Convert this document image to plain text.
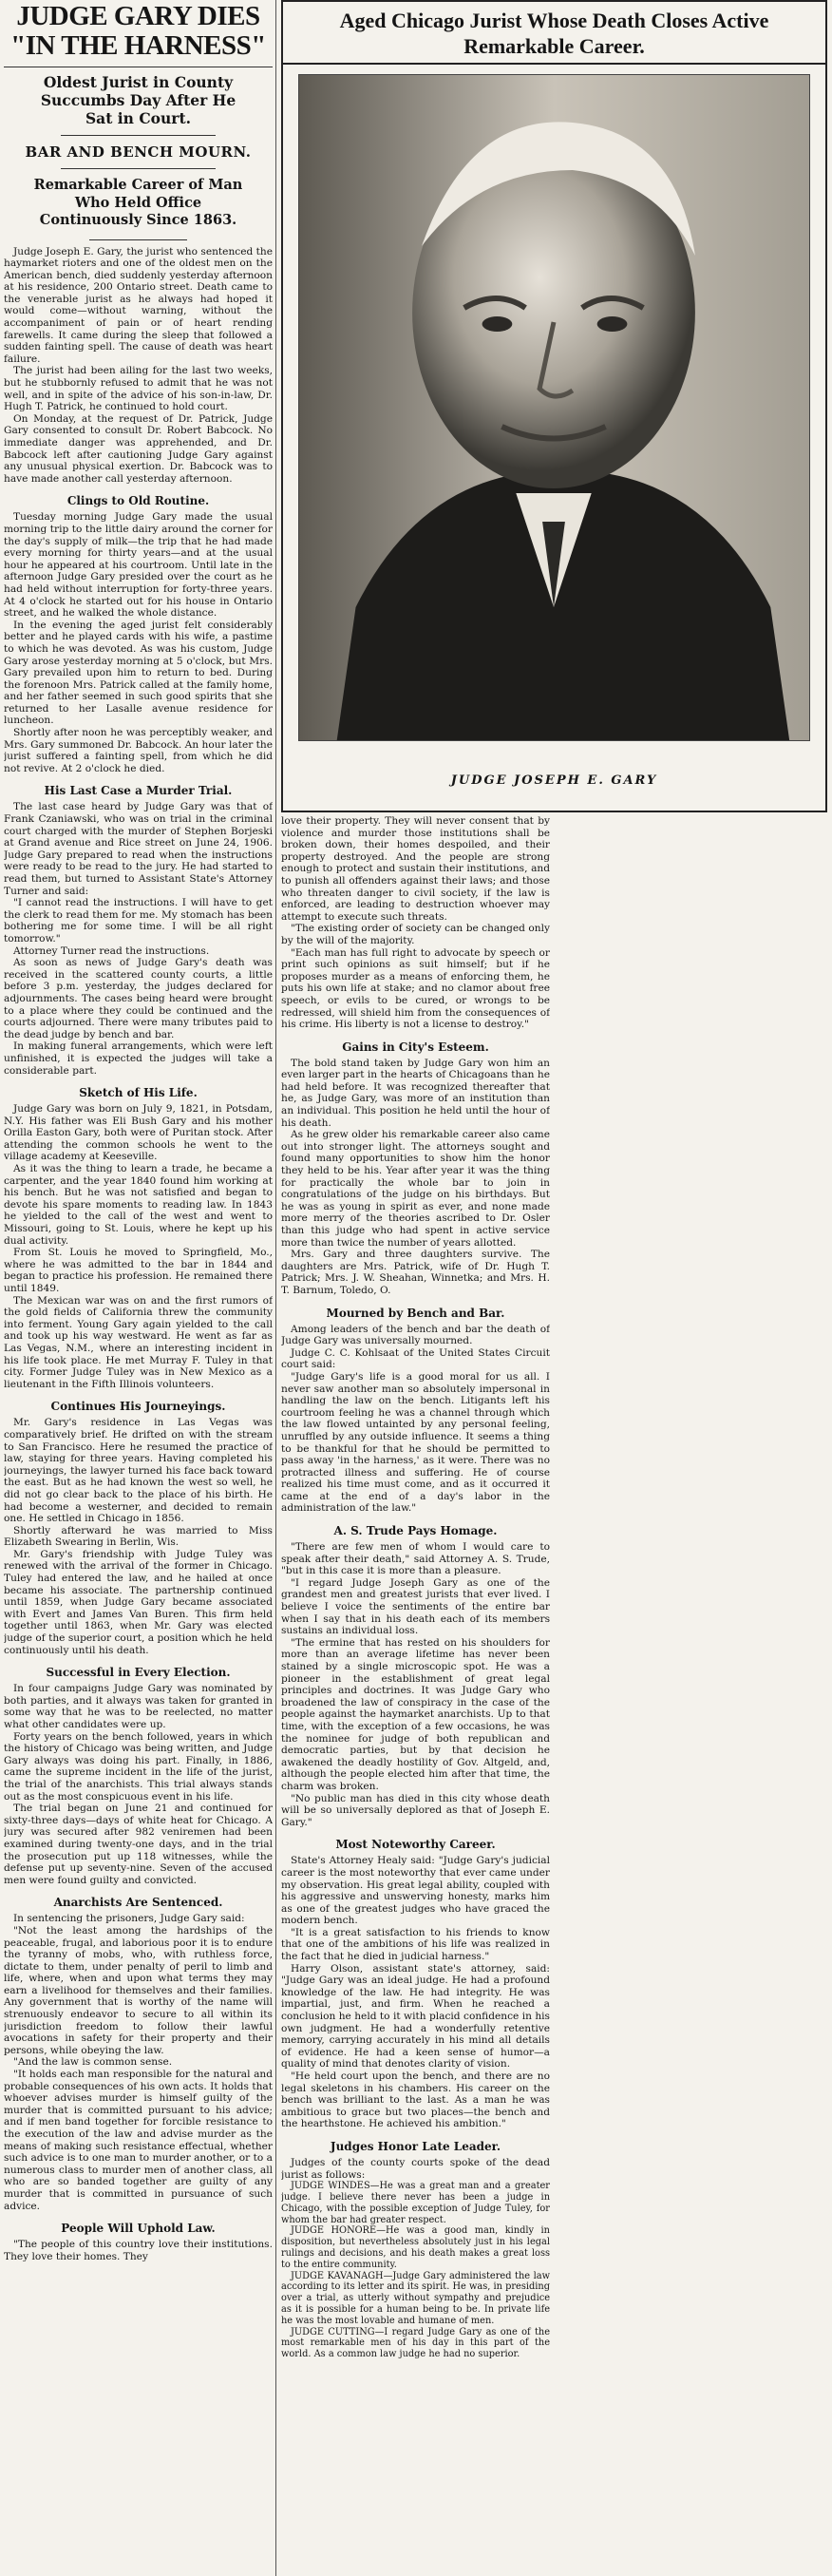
JUDGE GARY DIES "IN THE HARNESS"

Oldest Jurist in County Succumbs Day After He Sat in Court.

BAR AND BENCH MOURN.

Remarkable Career of Man Who Held Office Continuously Since 1863.

Judge Joseph E. Gary, the jurist who sentenced the haymarket rioters and one of the oldest men on the American bench, died suddenly yesterday afternoon at his residence, 200 Ontario street. Death came to the venerable jurist as he always had hoped it would come—without warning, without the accompaniment of pain or of heart rending farewells. It came during the sleep that followed a sudden fainting spell. The cause of death was heart failure.

The jurist had been ailing for the last two weeks, but he stubbornly refused to admit that he was not well, and in spite of the advice of his son-in-law, Dr. Hugh T. Patrick, he continued to hold court.

On Monday, at the request of Dr. Patrick, Judge Gary consented to consult Dr. Robert Babcock. No immediate danger was apprehended, and Dr. Babcock left after cautioning Judge Gary against any unusual physical exertion. Dr. Babcock was to have made another call yesterday afternoon.

Clings to Old Routine.

Tuesday morning Judge Gary made the usual morning trip to the little dairy around the corner for the day's supply of milk—the trip that he had made every morning for thirty years—and at the usual hour he appeared at his courtroom. Until late in the afternoon Judge Gary presided over the court as he had held without interruption for forty-three years. At 4 o'clock he started out for his house in Ontario street, and he walked the whole distance.

In the evening the aged jurist felt considerably better and he played cards with his wife, a pastime to which he was devoted. As was his custom, Judge Gary arose yesterday morning at 5 o'clock, but Mrs. Gary prevailed upon him to return to bed. During the forenoon Mrs. Patrick called at the family home, and her father seemed in such good spirits that she returned to her Lasalle avenue residence for luncheon.

Shortly after noon he was perceptibly weaker, and Mrs. Gary summoned Dr. Babcock. An hour later the jurist suffered a fainting spell, from which he did not revive. At 2 o'clock he died.

His Last Case a Murder Trial.

The last case heard by Judge Gary was that of Frank Czaniawski, who was on trial in the criminal court charged with the murder of Stephen Borjeski at Grand avenue and Rice street on June 24, 1906. Judge Gary prepared to read when the instructions were ready to be read to the jury. He had started to read them, but turned to Assistant State's Attorney Turner and said:

"I cannot read the instructions. I will have to get the clerk to read them for me. My stomach has been bothering me for some time. I will be all right tomorrow."

Attorney Turner read the instructions.

As soon as news of Judge Gary's death was received in the scattered county courts, a little before 3 p.m. yesterday, the judges declared for adjournments. The cases being heard were brought to a place where they could be continued and the courts adjourned. There were many tributes paid to the dead judge by bench and bar.

In making funeral arrangements, which were left unfinished, it is expected the judges will take a considerable part.

Sketch of His Life.

Judge Gary was born on July 9, 1821, in Potsdam, N.Y. His father was Eli Bush Gary and his mother Orilla Easton Gary, both were of Puritan stock. After attending the common schools he went to the village academy at Keeseville.

As it was the thing to learn a trade, he became a carpenter, and the year 1840 found him working at his bench. But he was not satisfied and began to devote his spare moments to reading law. In 1843 he yielded to the call of the west and went to Missouri, going to St. Louis, where he kept up his dual activity.

From St. Louis he moved to Springfield, Mo., where he was admitted to the bar in 1844 and began to practice his profession. He remained there until 1849.

The Mexican war was on and the first rumors of the gold fields of California threw the community into ferment. Young Gary again yielded to the call and took up his way westward. He went as far as Las Vegas, N.M., where an interesting incident in his life took place. He met Murray F. Tuley in that city. Former Judge Tuley was in New Mexico as a lieutenant in the Fifth Illinois volunteers.

Continues His Journeyings.

Mr. Gary's residence in Las Vegas was comparatively brief. He drifted on with the stream to San Francisco. Here he resumed the practice of law, staying for three years. Having completed his journeyings, the lawyer turned his face back toward the east. But as he had known the west so well, he did not go clear back to the place of his birth. He had become a westerner, and decided to remain one. He settled in Chicago in 1856.

Shortly afterward he was married to Miss Elizabeth Swearing in Berlin, Wis.

Mr. Gary's friendship with Judge Tuley was renewed with the arrival of the former in Chicago. Tuley had entered the law, and he hailed at once became his associate. The partnership continued until 1859, when Judge Gary became associated with Evert and James Van Buren. This firm held together until 1863, when Mr. Gary was elected judge of the superior court, a position which he held continuously until his death.

Successful in Every Election.

In four campaigns Judge Gary was nominated by both parties, and it always was taken for granted in some way that he was to be reelected, no matter what other candidates were up.

Forty years on the bench followed, years in which the history of Chicago was being written, and Judge Gary always was doing his part. Finally, in 1886, came the supreme incident in the life of the jurist, the trial of the anarchists. This trial always stands out as the most conspicuous event in his life.

The trial began on June 21 and continued for sixty-three days—days of white heat for Chicago. A jury was secured after 982 veniremen had been examined during twenty-one days, and in the trial the prosecution put up 118 witnesses, while the defense put up seventy-nine. Seven of the accused men were found guilty and convicted.

Anarchists Are Sentenced.

In sentencing the prisoners, Judge Gary said:

"Not the least among the hardships of the peaceable, frugal, and laborious poor it is to endure the tyranny of mobs, who, with ruthless force, dictate to them, under penalty of peril to limb and life, where, when and upon what terms they may earn a livelihood for themselves and their families. Any government that is worthy of the name will strenuously endeavor to secure to all within its jurisdiction freedom to follow their lawful avocations in safety for their property and their persons, while obeying the law.

"And the law is common sense.

"It holds each man responsible for the natural and probable consequences of his own acts. It holds that whoever advises murder is himself guilty of the murder that is committed pursuant to his advice; and if men band together for forcible resistance to the execution of the law and advise murder as the means of making such resistance effectual, whether such advice is to one man to murder another, or to a numerous class to murder men of another class, all who are so banded together are guilty of any murder that is committed in pursuance of such advice.

People Will Uphold Law.

"The people of this country love their institutions. They love their homes. They

Aged Chicago Jurist Whose Death Closes Active Remarkable Career.

JUDGE JOSEPH E. GARY

love their property. They will never consent that by violence and murder those institutions shall be broken down, their homes despoiled, and their property destroyed. And the people are strong enough to protect and sustain their institutions, and to punish all offenders against their laws; and those who threaten danger to civil society, if the law is enforced, are leading to destruction whoever may attempt to execute such threats.

"The existing order of society can be changed only by the will of the majority.

"Each man has full right to advocate by speech or print such opinions as suit himself; but if he proposes murder as a means of enforcing them, he puts his own life at stake; and no clamor about free speech, or evils to be cured, or wrongs to be redressed, will shield him from the consequences of his crime. His liberty is not a license to destroy."

Gains in City's Esteem.

The bold stand taken by Judge Gary won him an even larger part in the hearts of Chicagoans than he had held before. It was recognized thereafter that he, as Judge Gary, was more of an institution than an individual. This position he held until the hour of his death.

As he grew older his remarkable career also came out into stronger light. The attorneys sought and found many opportunities to show him the honor they held to be his. Year after year it was the thing for practically the whole bar to join in congratulations of the judge on his birthdays. But he was as young in spirit as ever, and none made more merry of the theories ascribed to Dr. Osler than this judge who had spent in active service more than twice the number of years allotted.

Mrs. Gary and three daughters survive. The daughters are Mrs. Patrick, wife of Dr. Hugh T. Patrick; Mrs. J. W. Sheahan, Winnetka; and Mrs. H. T. Barnum, Toledo, O.

Mourned by Bench and Bar.

Among leaders of the bench and bar the death of Judge Gary was universally mourned.

Judge C. C. Kohlsaat of the United States Circuit court said:

"Judge Gary's life is a good moral for us all. I never saw another man so absolutely impersonal in handling the law on the bench. Litigants left his courtroom feeling he was a channel through which the law flowed untainted by any personal feeling, unruffled by any outside influence. It seems a thing to be thankful for that he should be permitted to pass away 'in the harness,' as it were. There was no protracted illness and suffering. He of course realized his time must come, and as it occurred it came at the end of a day's labor in the administration of the law."

A. S. Trude Pays Homage.

"There are few men of whom I would care to speak after their death," said Attorney A. S. Trude, "but in this case it is more than a pleasure.

"I regard Judge Joseph Gary as one of the grandest men and greatest jurists that ever lived. I believe I voice the sentiments of the entire bar when I say that in his death each of its members sustains an individual loss.

"The ermine that has rested on his shoulders for more than an average lifetime has never been stained by a single microscopic spot. He was a pioneer in the establishment of great legal principles and doctrines. It was Judge Gary who broadened the law of conspiracy in the case of the people against the haymarket anarchists. Up to that time, with the exception of a few occasions, he was the nominee for judge of both republican and democratic parties, but by that decision he awakened the deadly hostility of Gov. Altgeld, and, although the people elected him after that time, the charm was broken.

"No public man has died in this city whose death will be so universally deplored as that of Joseph E. Gary."

Most Noteworthy Career.

State's Attorney Healy said: "Judge Gary's judicial career is the most noteworthy that ever came under my observation. His great legal ability, coupled with his aggressive and unswerving honesty, marks him as one of the greatest judges who have graced the modern bench.

"It is a great satisfaction to his friends to know that one of the ambitions of his life was realized in the fact that he died in judicial harness."

Harry Olson, assistant state's attorney, said: "Judge Gary was an ideal judge. He had a profound knowledge of the law. He had integrity. He was impartial, just, and firm. When he reached a conclusion he held to it with placid confidence in his own judgment. He had a wonderfully retentive memory, carrying accurately in his mind all details of evidence. He had a keen sense of humor—a quality of mind that denotes clarity of vision.

"He held court upon the bench, and there are no legal skeletons in his chambers. His career on the bench was brilliant to the last. As a man he was ambitious to grace but two places—the bench and the hearthstone. He achieved his ambition."

Judges Honor Late Leader.

Judges of the county courts spoke of the dead jurist as follows:

JUDGE WINDES—He was a great man and a greater judge. I believe there never has been a judge in Chicago, with the possible exception of Judge Tuley, for whom the bar had greater respect.

JUDGE HONORE—He was a good man, kindly in disposition, but nevertheless absolutely just in his legal rulings and decisions, and his death makes a great loss to the entire community.

JUDGE KAVANAGH—Judge Gary administered the law according to its letter and its spirit. He was, in presiding over a trial, as utterly without sympathy and prejudice as it is possible for a human being to be. In private life he was the most lovable and humane of men.

JUDGE CUTTING—I regard Judge Gary as one of the most remarkable men of his day in this part of the world. As a common law judge he had no superior.
